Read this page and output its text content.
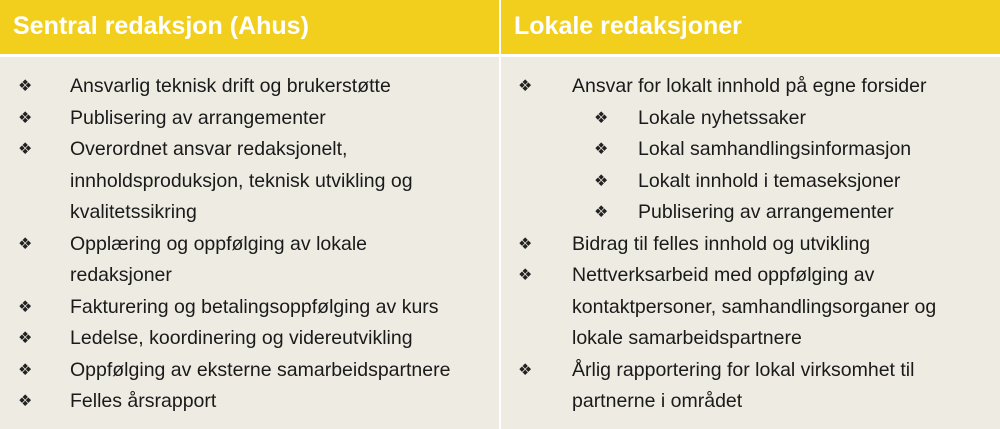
Sentral redaksjon (Ahus)	Lokale redaksjoner
❖ Ansvarlig teknisk drift og brukerstøtte
❖ Publisering av arrangementer
❖ Overordnet ansvar redaksjonelt, innholdsproduksjon, teknisk utvikling og kvalitetssikring
❖ Opplæring og oppfølging av lokale redaksjoner
❖ Fakturering og betalingsoppfølging av kurs
❖ Ledelse, koordinering og videreutvikling
❖ Oppfølging av eksterne samarbeidspartnere
❖ Felles årsrapport
❖ Ansvar for lokalt innhold på egne forsider
❖ Lokale nyhetssaker
❖ Lokal samhandlingsinformasjon
❖ Lokalt innhold i temaseksjoner
❖ Publisering av arrangementer
❖ Bidrag til felles innhold og utvikling
❖ Nettverksarbeid med oppfølging av kontaktpersoner, samhandlingsorganer og lokale samarbeidspartnere
❖ Årlig rapportering for lokal virksomhet til partnerne i området
